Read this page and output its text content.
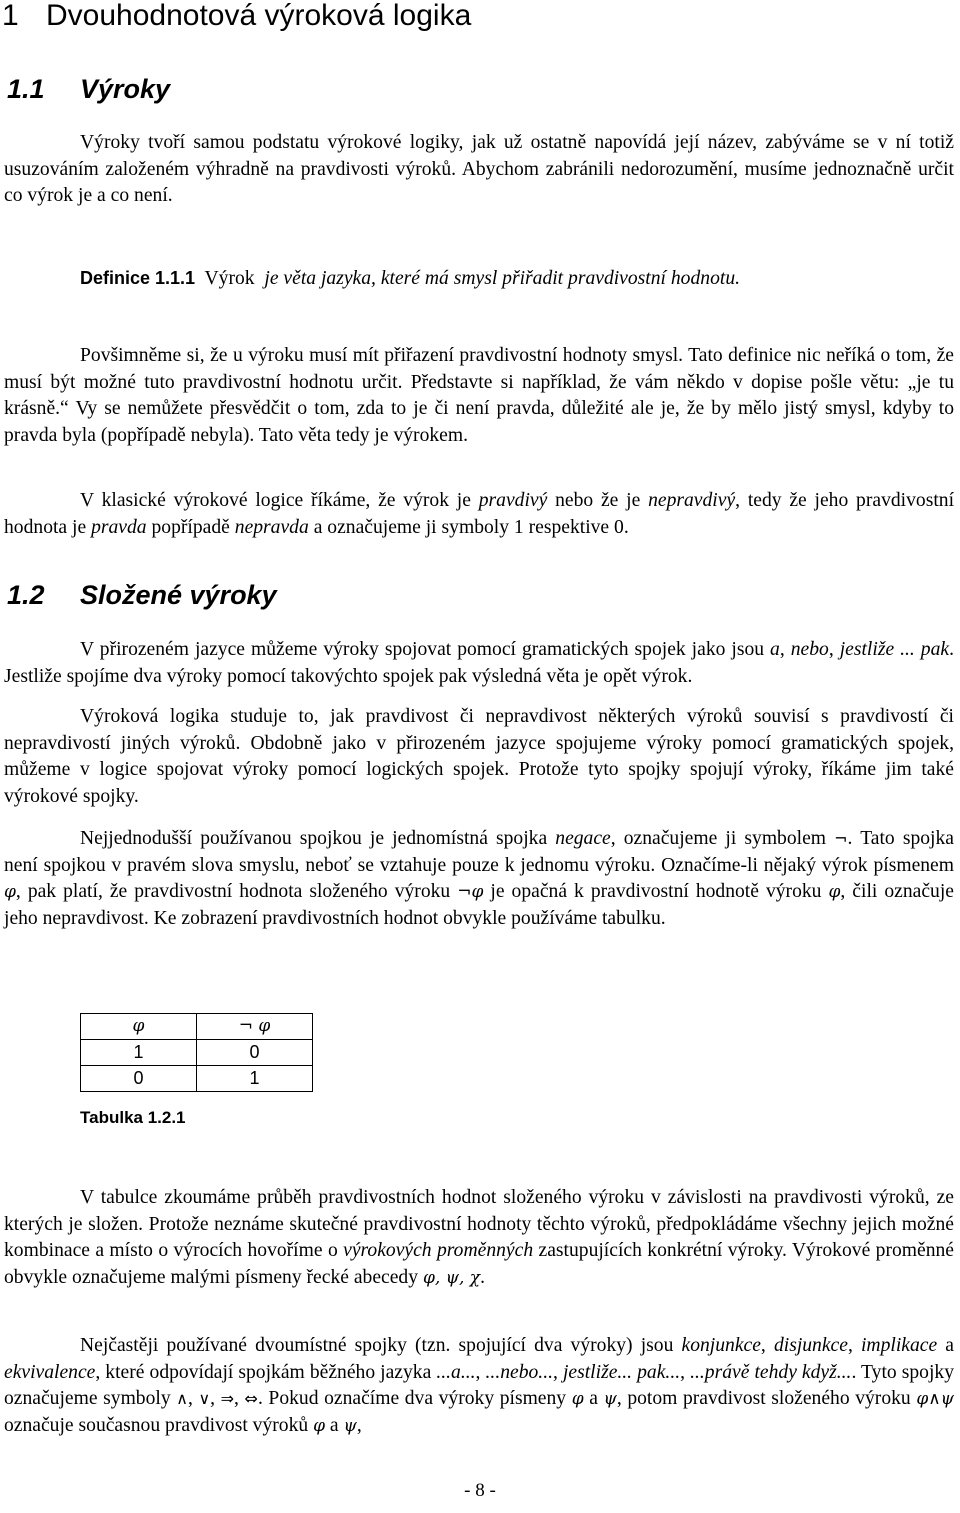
1 Dvouhodnotová výroková logika
1.1 Výroky

Výroky tvoří samou podstatu výrokové logiky, jak už ostatně napovídá její název, zabýváme se v ní totiž usuzováním založeném výhradně na pravdivosti výroků. Abychom zabránili nedorozumění, musíme jednoznačně určit co výrok je a co není.

Definice 1.1.1 Výrok je věta jazyka, které má smysl přiřadit pravdivostní hodnotu.

Povšimněme si, že u výroku musí mít přiřazení pravdivostní hodnoty smysl. Tato definice nic neříká o tom, že musí být možné tuto pravdivostní hodnotu určit. Představte si například, že vám někdo v dopise pošle větu: „je tu krásně.“ Vy se nemůžete přesvědčit o tom, zda to je či není pravda, důležité ale je, že by mělo jistý smysl, kdyby to pravda byla (popřípadě nebyla). Tato věta tedy je výrokem.

V klasické výrokové logice říkáme, že výrok je pravdivý nebo že je nepravdivý, tedy že jeho pravdivostní hodnota je pravda popřípadě nepravda a označujeme ji symboly 1 respektive 0.

1.2 Složené výroky

V přirozeném jazyce můžeme výroky spojovat pomocí gramatických spojek jako jsou a, nebo, jestliže ... pak. Jestliže spojíme dva výroky pomocí takovýchto spojek pak výsledná věta je opět výrok.

Výroková logika studuje to, jak pravdivost či nepravdivost některých výroků souvisí s pravdivostí či nepravdivostí jiných výroků. Obdobně jako v přirozeném jazyce spojujeme výroky pomocí gramatických spojek, můžeme v logice spojovat výroky pomocí logických spojek. Protože tyto spojky spojují výroky, říkáme jim také výrokové spojky.

Nejjednodušší používanou spojkou je jednomístná spojka negace, označujeme ji symbolem ¬. Tato spojka není spojkou v pravém slova smyslu, neboť se vztahuje pouze k jednomu výroku. Označíme-li nějaký výrok písmenem φ, pak platí, že pravdivostní hodnota složeného výroku ¬φ je opačná k pravdivostní hodnotě výroku φ, čili označuje jeho nepravdivost. Ke zobrazení pravdivostních hodnot obvykle používáme tabulku.

φ	¬ φ
1	0
0	1
Tabulka 1.2.1

V tabulce zkoumáme průběh pravdivostních hodnot složeného výroku v závislosti na pravdivosti výroků, ze kterých je složen. Protože neznáme skutečné pravdivostní hodnoty těchto výroků, předpokládáme všechny jejich možné kombinace a místo o výrocích hovoříme o výrokových proměnných zastupujících konkrétní výroky. Výrokové proměnné obvykle označujeme malými písmeny řecké abecedy φ, ψ, χ.

Nejčastěji používané dvoumístné spojky (tzn. spojující dva výroky) jsou konjunkce, disjunkce, implikace a ekvivalence, které odpovídají spojkám běžného jazyka ...a..., ...nebo..., jestliže... pak..., ...právě tehdy když.... Tyto spojky označujeme symboly ∧, ∨, ⇒, ⇔. Pokud označíme dva výroky písmeny φ a ψ, potom pravdivost složeného výroku φ∧ψ označuje současnou pravdivost výroků φ a ψ,

- 8 -
